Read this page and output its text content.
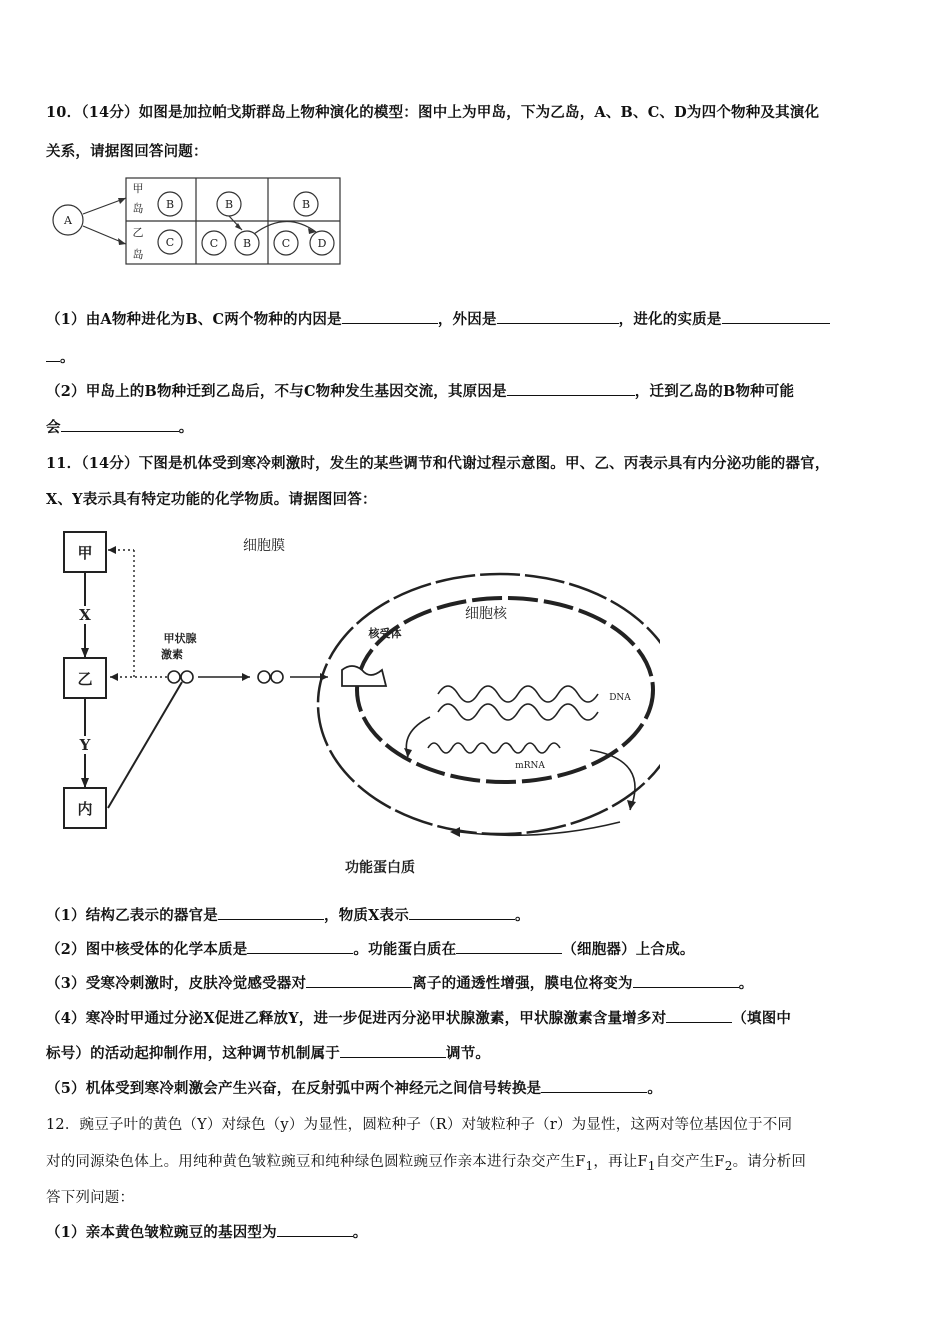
10．（14分）如图是加拉帕戈斯群岛上物种演化的模型：图中上为甲岛，下为乙岛，A、B、C、D为四个物种及其演化
关系，请据图回答问题：
A
B	B	B
C	C B	C D
甲
岛
乙
岛
（1）由A物种进化为B、C两个物种的内因是	，外因是	，进化的实质是
。
（2）甲岛上的B物种迁到乙岛后，不与C物种发生基因交流，其原因是	，迁到乙岛的B物种可能
会	。
11．（14分）下图是机体受到寒冷刺激时，发生的某些调节和代谢过程示意图。甲、乙、丙表示具有内分泌功能的器官，
X、Y表示具有特定功能的化学物质。请据图回答：
甲
乙
内
X
Y
甲状腺
激素
核受体
DNA
mRNA
细胞膜
细胞核
功能蛋白质
（1）结构乙表示的器官是	，物质X表示	。
（2）图中核受体的化学本质是	。功能蛋白质在	（细胞器）上合成。
（3）受寒冷刺激时，皮肤冷觉感受器对	离子的通透性增强，膜电位将变为	。
（4）寒冷时甲通过分泌X促进乙释放Y，进一步促进丙分泌甲状腺激素，甲状腺激素含量增多对	（填图中
标号）的活动起抑制作用，这种调节机制属于	调节。
（5）机体受到寒冷刺激会产生兴奋，在反射弧中两个神经元之间信号转换是	。
12．豌豆子叶的黄色（Y）对绿色（y）为显性，圆粒种子（R）对皱粒种子（r）为显性，这两对等位基因位于不同
对的同源染色体上。用纯种黄色皱粒豌豆和纯种绿色圆粒豌豆作亲本进行杂交产生$F_1$，再让$F_1$自交产生$F_2$。请分析回
答下列问题：
（1）亲本黄色皱粒豌豆的基因型为	。
